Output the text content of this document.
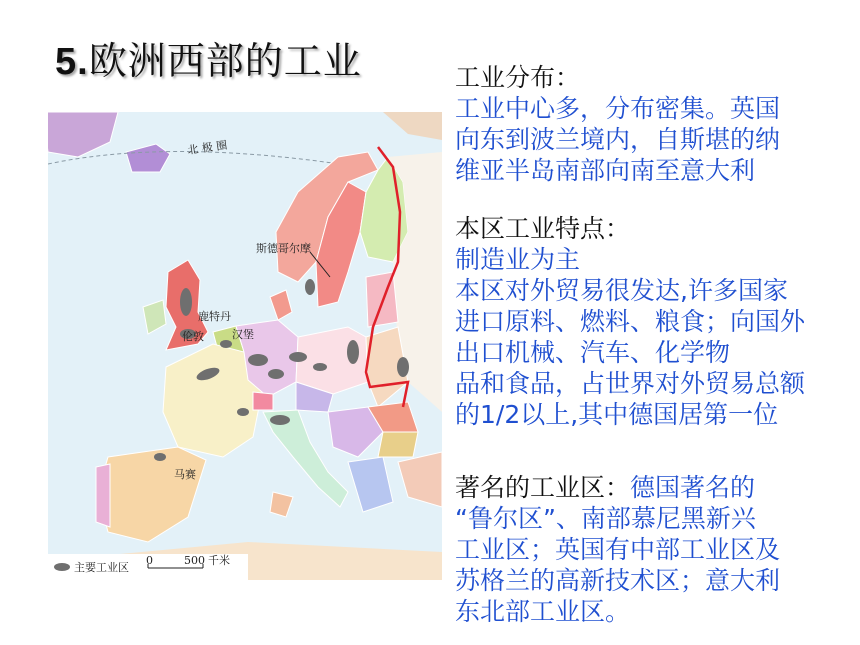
5.欧洲西部的工业
北 极 圈
斯德哥尔摩
鹿特丹
伦敦	汉堡
马赛
主要工业区
0	500 千米
工业分布：
工业中心多，分布密集。英国
向东到波兰境内，自斯堪的纳
维亚半岛南部向南至意大利
本区工业特点：
制造业为主
本区对外贸易很发达,许多国家
进口原料、燃料、粮食；向国外
出口机械、汽车、化学物
品和食品，占世界对外贸易总额
的1/2以上,其中德国居第一位
著名的工业区：德国著名的
“鲁尔区”、南部慕尼黑新兴
工业区；英国有中部工业区及
苏格兰的高新技术区；意大利
东北部工业区。
